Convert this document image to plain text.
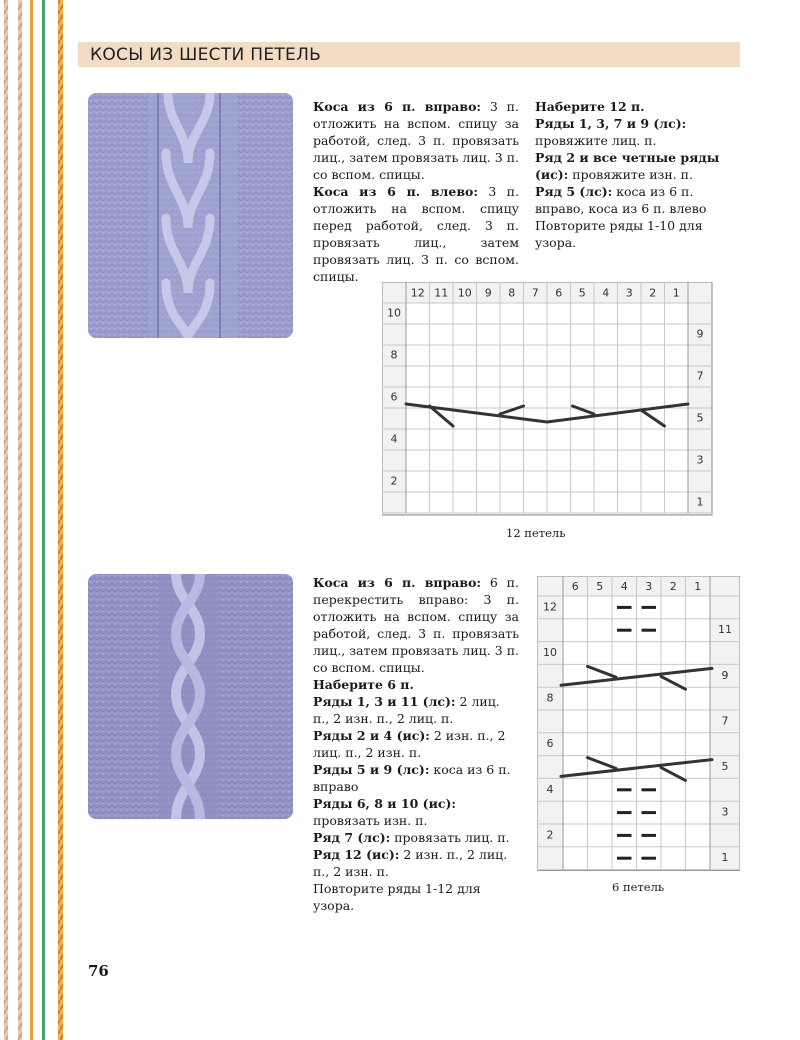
КОСЫ ИЗ ШЕСТИ ПЕТЕЛЬ

Коса из 6 п. вправо: 3 п. отложить на вспом. спицу за работой, след. 3 п. провязать лиц., затем провязать лиц. 3 п. со вспом. спицы.

Коса из 6 п. влево: 3 п. отложить на вспом. спицу перед работой, след. 3 п. провязать лиц., затем провязать лиц. 3 п. со вспом. спицы.

Наберите 12 п.

Ряды 1, 3, 7 и 9 (лс): провяжите лиц. п.

Ряд 2 и все четные ряды (ис): провяжите изн. п.

Ряд 5 (лс): коса из 6 п. вправо, коса из 6 п. влево

Повторите ряды 1-10 для узора.

12 11 10 9 8 7 6 5 4 3 2 1
10
8
6
4
2
9
7
5
3
1
12 петель

Коса из 6 п. вправо: 6 п. перекрестить вправо: 3 п. отложить на вспом. спицу за работой, след. 3 п. провязать лиц., затем провязать лиц. 3 п. со вспом. спицы.

Наберите 6 п.

Ряды 1, 3 и 11 (лс): 2 лиц. п., 2 изн. п., 2 лиц. п.

Ряды 2 и 4 (ис): 2 изн. п., 2 лиц. п., 2 изн. п.

Ряды 5 и 9 (лс): коса из 6 п. вправо

Ряды 6, 8 и 10 (ис): провязать изн. п.

Ряд 7 (лс): провязать лиц. п.

Ряд 12 (ис): 2 изн. п., 2 лиц. п., 2 изн. п.

Повторите ряды 1-12 для узора.

6 5 4 3 2 1
12
10
8
6
4
2
11
9
7
5
3
1
6 петель
76
